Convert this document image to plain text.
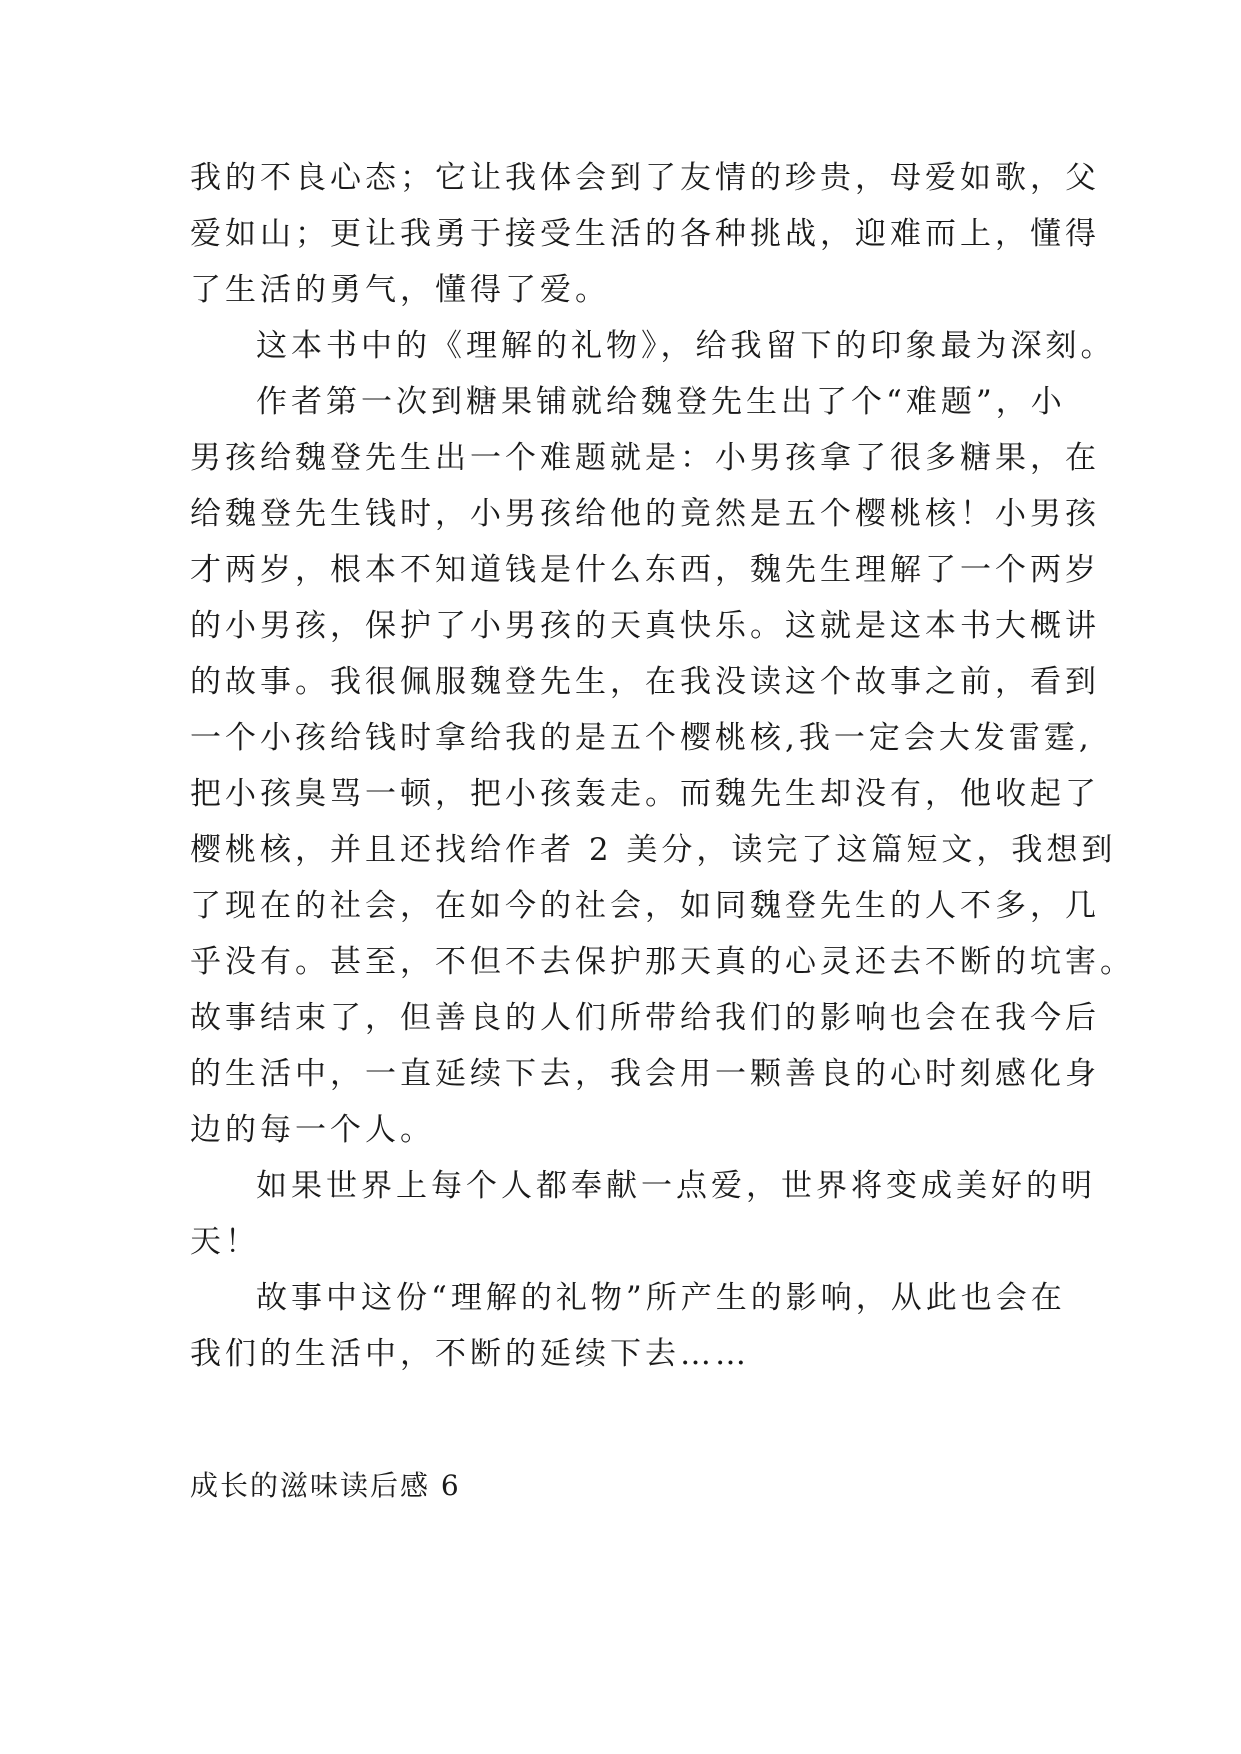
我的不良心态；它让我体会到了友情的珍贵，母爱如歌，父
爱如山；更让我勇于接受生活的各种挑战，迎难而上，懂得
了生活的勇气，懂得了爱。
这本书中的《理解的礼物》，给我留下的印象最为深刻。
作者第一次到糖果铺就给魏登先生出了个“难题”，小
男孩给魏登先生出一个难题就是：小男孩拿了很多糖果，在
给魏登先生钱时，小男孩给他的竟然是五个樱桃核！小男孩
才两岁，根本不知道钱是什么东西，魏先生理解了一个两岁
的小男孩，保护了小男孩的天真快乐。这就是这本书大概讲
的故事。我很佩服魏登先生，在我没读这个故事之前，看到
一个小孩给钱时拿给我的是五个樱桃核,我一定会大发雷霆,
把小孩臭骂一顿，把小孩轰走。而魏先生却没有，他收起了
樱桃核，并且还找给作者 2 美分，读完了这篇短文，我想到
了现在的社会，在如今的社会，如同魏登先生的人不多，几
乎没有。甚至，不但不去保护那天真的心灵还去不断的坑害。
故事结束了，但善良的人们所带给我们的影响也会在我今后
的生活中，一直延续下去，我会用一颗善良的心时刻感化身
边的每一个人。
如果世界上每个人都奉献一点爱，世界将变成美好的明
天！
故事中这份“理解的礼物”所产生的影响，从此也会在
我们的生活中，不断的延续下去……
成长的滋味读后感 6
